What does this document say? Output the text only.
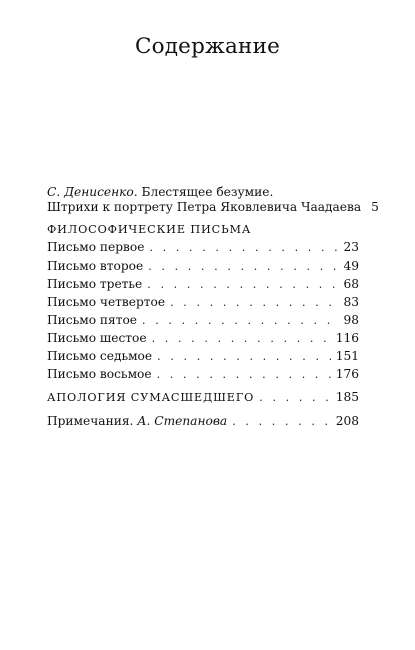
Содержание
С. Денисенко. Блестящее безумие.
Штрихи к портрету Петра Яковлевича Чаадаева 5
ФИЛОСОФИЧЕСКИЕ ПИСЬМА
Письмо первое . . .	23
Письмо второе . . .	49
Письмо третье . . .	68
Письмо четвертое . . .	83
Письмо пятое . . .	98
Письмо шестое . . .	116
Письмо седьмое . . .	151
Письмо восьмое . . .	176
АПОЛОГИЯ СУМАСШЕДШЕГО . . .	185
Примечания. А. Степанова . . .	208
